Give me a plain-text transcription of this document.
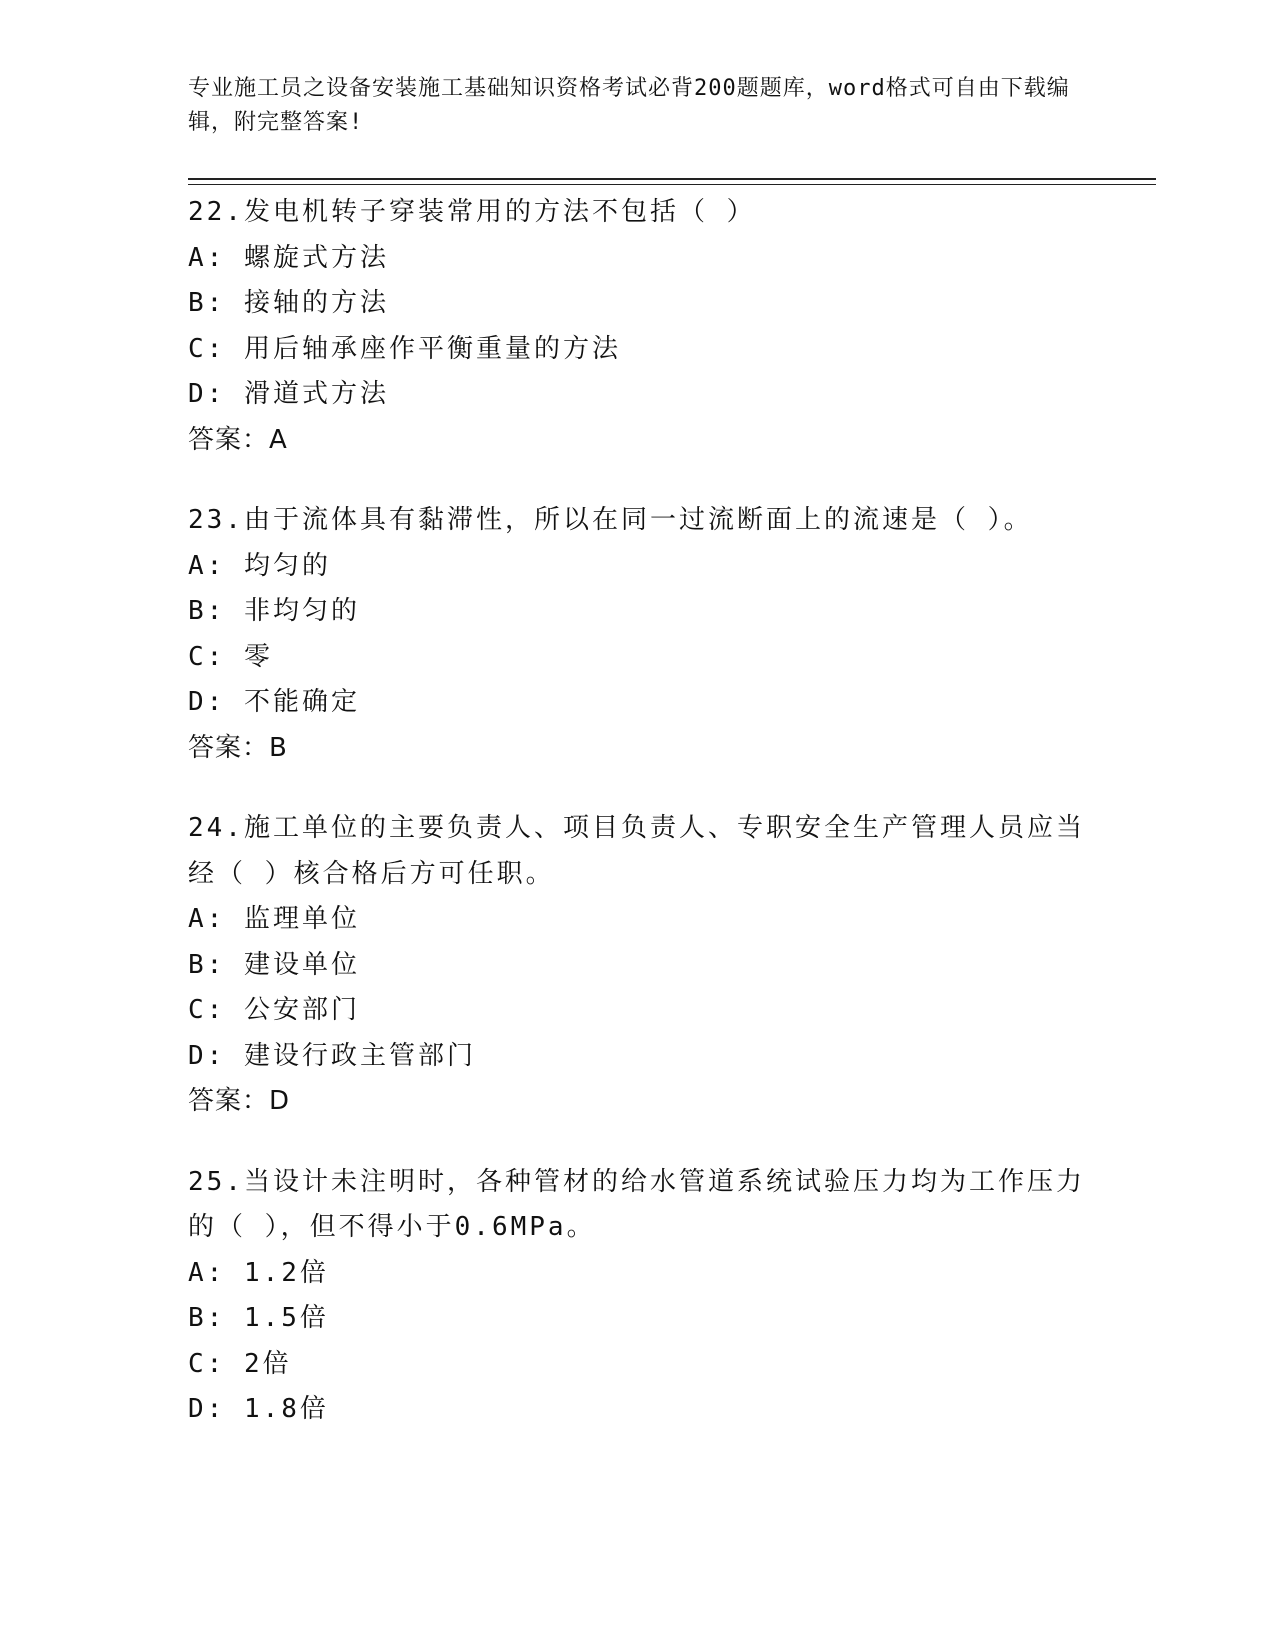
专业施工员之设备安装施工基础知识资格考试必背200题题库，word格式可自由下载编辑，附完整答案!
22.发电机转子穿装常用的方法不包括（ ）
A: 螺旋式方法
B: 接轴的方法
C: 用后轴承座作平衡重量的方法
D: 滑道式方法
答案：A
23.由于流体具有黏滞性，所以在同一过流断面上的流速是（ ）。
A: 均匀的
B: 非均匀的
C: 零
D: 不能确定
答案：B
24.施工单位的主要负责人、项目负责人、专职安全生产管理人员应当经（ ）核合格后方可任职。
A: 监理单位
B: 建设单位
C: 公安部门
D: 建设行政主管部门
答案：D
25.当设计未注明时，各种管材的给水管道系统试验压力均为工作压力的（ ），但不得小于0.6MPa。
A: 1.2倍
B: 1.5倍
C: 2倍
D: 1.8倍
